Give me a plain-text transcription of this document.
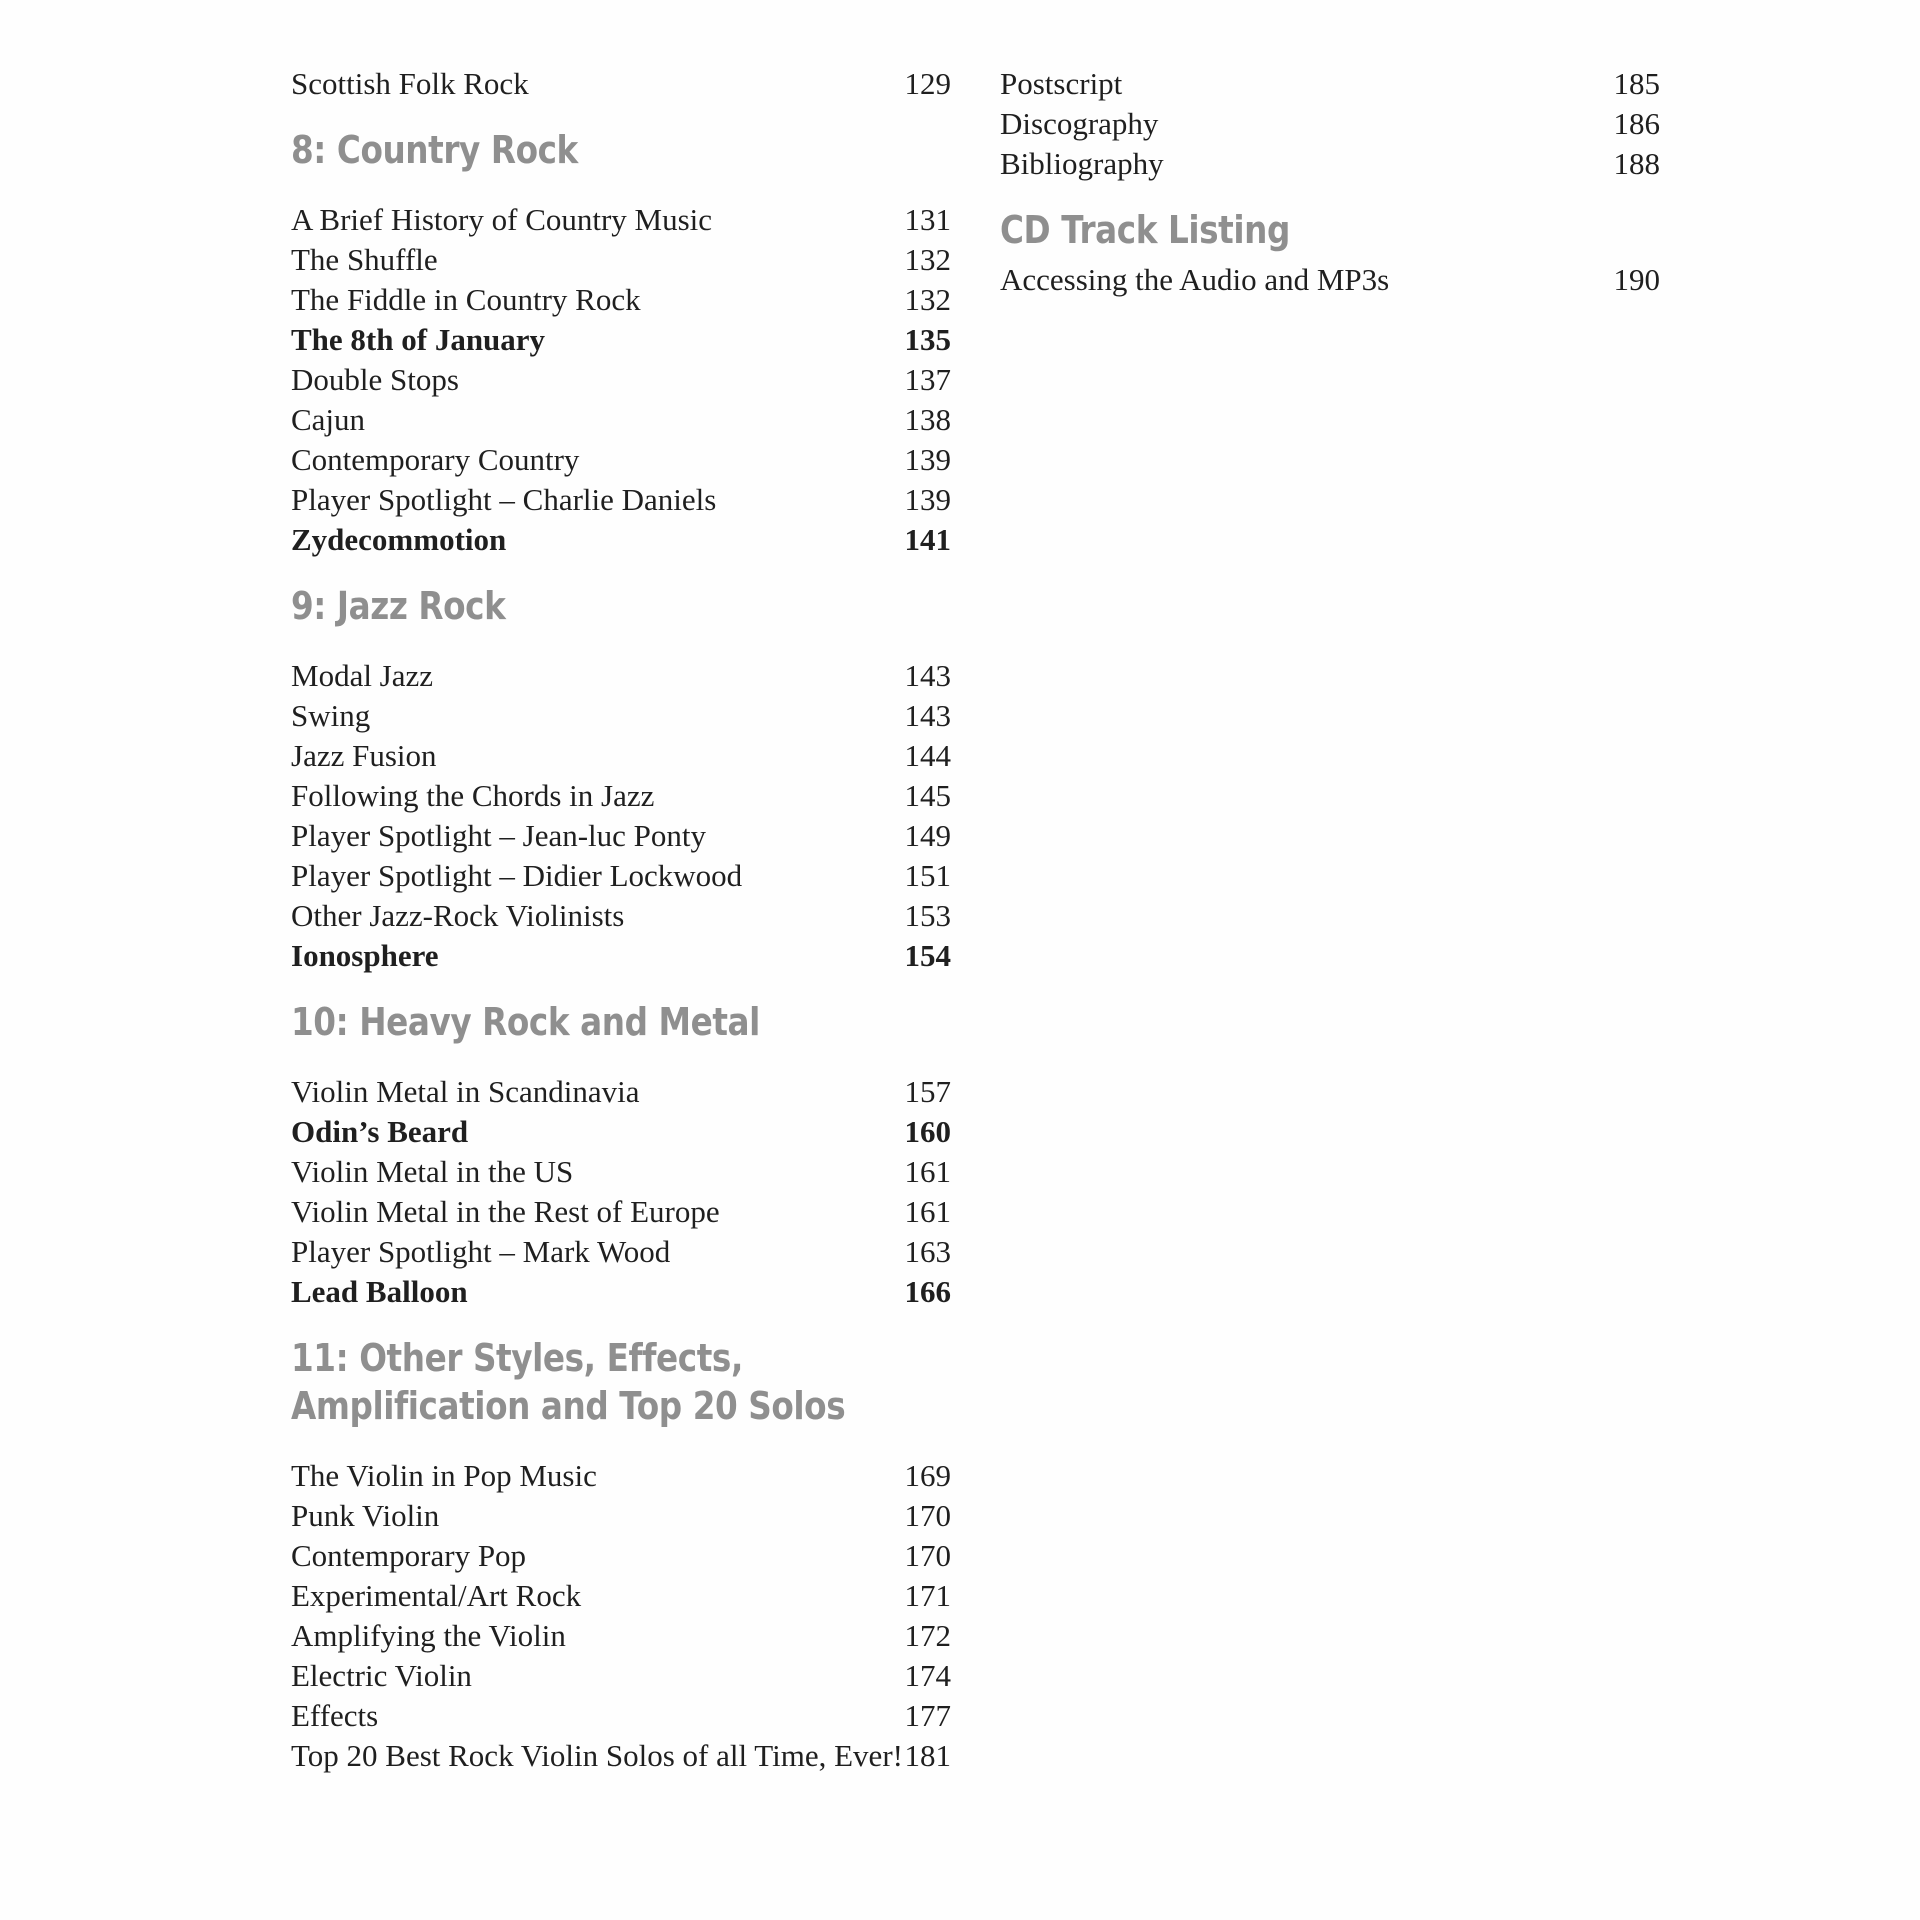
Scottish Folk Rock	129
8: Country Rock
A Brief History of Country Music	131
The Shuffle	132
The Fiddle in Country Rock	132
The 8th of January	135
Double Stops	137
Cajun	138
Contemporary Country	139
Player Spotlight – Charlie Daniels	139
Zydecommotion	141
9: Jazz Rock
Modal Jazz	143
Swing	143
Jazz Fusion	144
Following the Chords in Jazz	145
Player Spotlight – Jean-luc Ponty	149
Player Spotlight – Didier Lockwood	151
Other Jazz-Rock Violinists	153
Ionosphere	154
10: Heavy Rock and Metal
Violin Metal in Scandinavia	157
Odin’s Beard	160
Violin Metal in the US	161
Violin Metal in the Rest of Europe	161
Player Spotlight – Mark Wood	163
Lead Balloon	166
11: Other Styles, Effects,
Amplification and Top 20 Solos
The Violin in Pop Music	169
Punk Violin	170
Contemporary Pop	170
Experimental/Art Rock	171
Amplifying the Violin	172
Electric Violin	174
Effects	177
Top 20 Best Rock Violin Solos of all Time, Ever! 181
Postscript	185
Discography	186
Bibliography	188
CD Track Listing
Accessing the Audio and MP3s	190
